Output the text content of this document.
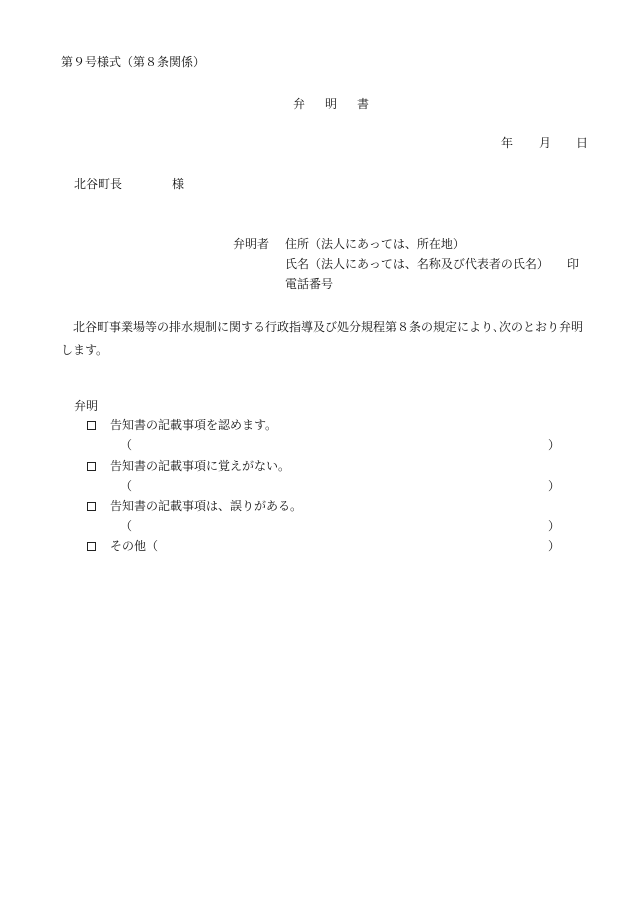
第９号様式（第８条関係）
弁 明 書
年 月 日
北谷町長	様
弁明者 住所（法人にあっては、所在地）
氏名（法人にあっては、名称及び代表者の氏名） 印
電話番号
北谷町事業場等の排水規制に関する行政指導及び処分規程第８条の規定により､次のとおり弁明します。
弁明
告知書の記載事項を認めます。
（	）
告知書の記載事項に覚えがない。
（	）
告知書の記載事項は、誤りがある。
（	）
その他（	）
